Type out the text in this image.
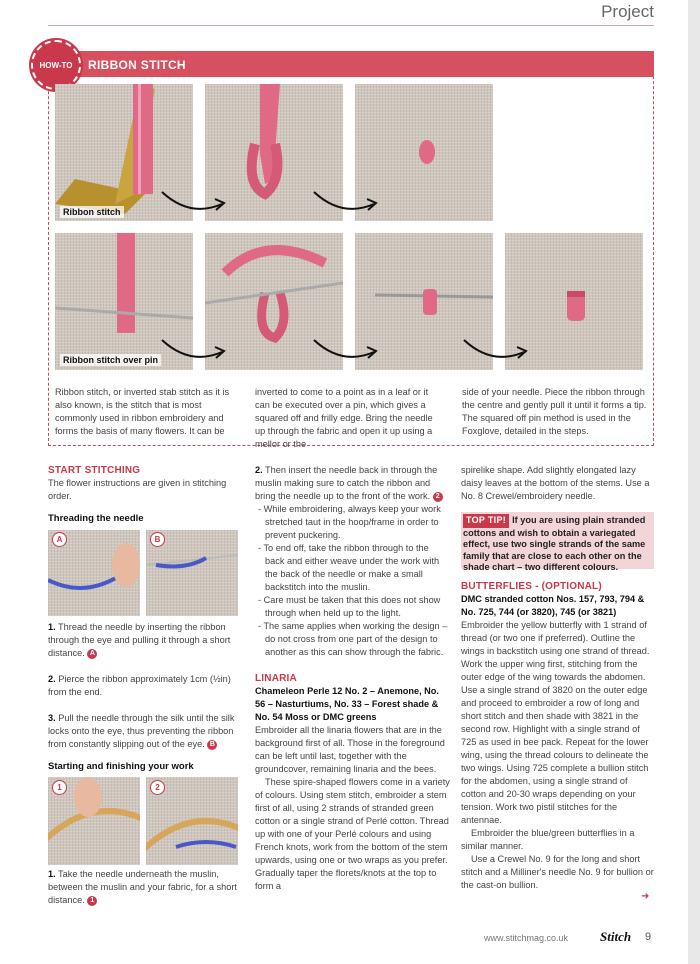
Project
HOW-TO RIBBON STITCH
Ribbon stitch
Ribbon stitch over pin
Ribbon stitch, or inverted stab stitch as it is also known, is the stitch that is most commonly used in ribbon embroidery and forms the basis of many flowers. It can be
inverted to come to a point as in a leaf or it can be executed over a pin, which gives a squared off and frilly edge. Bring the needle up through the fabric and open it up using a mellor or the
side of your needle. Piece the ribbon through the centre and gently pull it until it forms a tip. The squared off pin method is used in the Foxglove, detailed in the steps.
START STITCHING

The flower instructions are given in stitching order.

Threading the needle
A	B

1. Thread the needle by inserting the ribbon through the eye and pulling it through a short distance. A

2. Pierce the ribbon approximately 1cm (½in) from the end.

3. Pull the needle through the silk until the silk locks onto the eye, thus preventing the ribbon from constantly slipping out of the eye. B

Starting and finishing your work
1	2

1. Take the needle underneath the muslin, between the muslin and your fabric, for a short distance. 1

2. Then insert the needle back in through the muslin making sure to catch the ribbon and bring the needle up to the front of the work. 2

- While embroidering, always keep your work stretched taut in the hoop/frame in order to prevent puckering.

- To end off, take the ribbon through to the back and either weave under the work with the back of the needle or make a small backstitch into the muslin.

- Care must be taken that this does not show through when held up to the light.

- The same applies when working the design – do not cross from one part of the design to another as this can show through the fabric.

LINARIA

Chameleon Perle 12 No. 2 – Anemone, No. 56 – Nasturtiums, No. 33 – Forest shade & No. 54 Moss or DMC greens

Embroider all the linaria flowers that are in the background first of all. Those in the foreground can be left until last, together with the groundcover, remaining linaria and the bees.

These spire-shaped flowers come in a variety of colours. Using stem stitch, embroider a stem first of all, using 2 strands of stranded green cotton or a single strand of Perlé cotton. Thread up with one of your Perlé colours and using French knots, work from the bottom of the stem upwards, using one or two wraps as you prefer. Gradually taper the florets/knots at the top to form a

spirelike shape. Add slightly elongated lazy daisy leaves at the bottom of the stems. Use a No. 8 Crewel/embroidery needle.

TOP TIP! If you are using plain stranded cottons and wish to obtain a variegated effect, use two single strands of the same family that are close to each other on the shade chart – two different colours.
BUTTERFLIES - (OPTIONAL)

DMC stranded cotton Nos. 157, 793, 794 & No. 725, 744 (or 3820), 745 (or 3821)

Embroider the yellow butterfly with 1 strand of thread (or two one if preferred). Outline the wings in backstitch using one strand of thread. Work the upper wing first, stitching from the outer edge of the wing towards the abdomen. Use a single strand of 3820 on the outer edge and proceed to embroider a row of long and short stitch and then shade with 3821 in the second row. Highlight with a single strand of 725 as used in bee pack. Repeat for the lower wing, using the thread colours to delineate the two wings. Using 725 complete a bullion stitch for the abdomen, using a single strand of cotton and 20-30 wraps depending on your tension. Work two pistil stitches for the antennae.

Embroider the blue/green butterflies in a similar manner.

Use a Crewel No. 9 for the long and short stitch and a Milliner's needle No. 9 for bullion or the cast-on bullion.

➜
www.stitchmag.co.uk Stitch 9
